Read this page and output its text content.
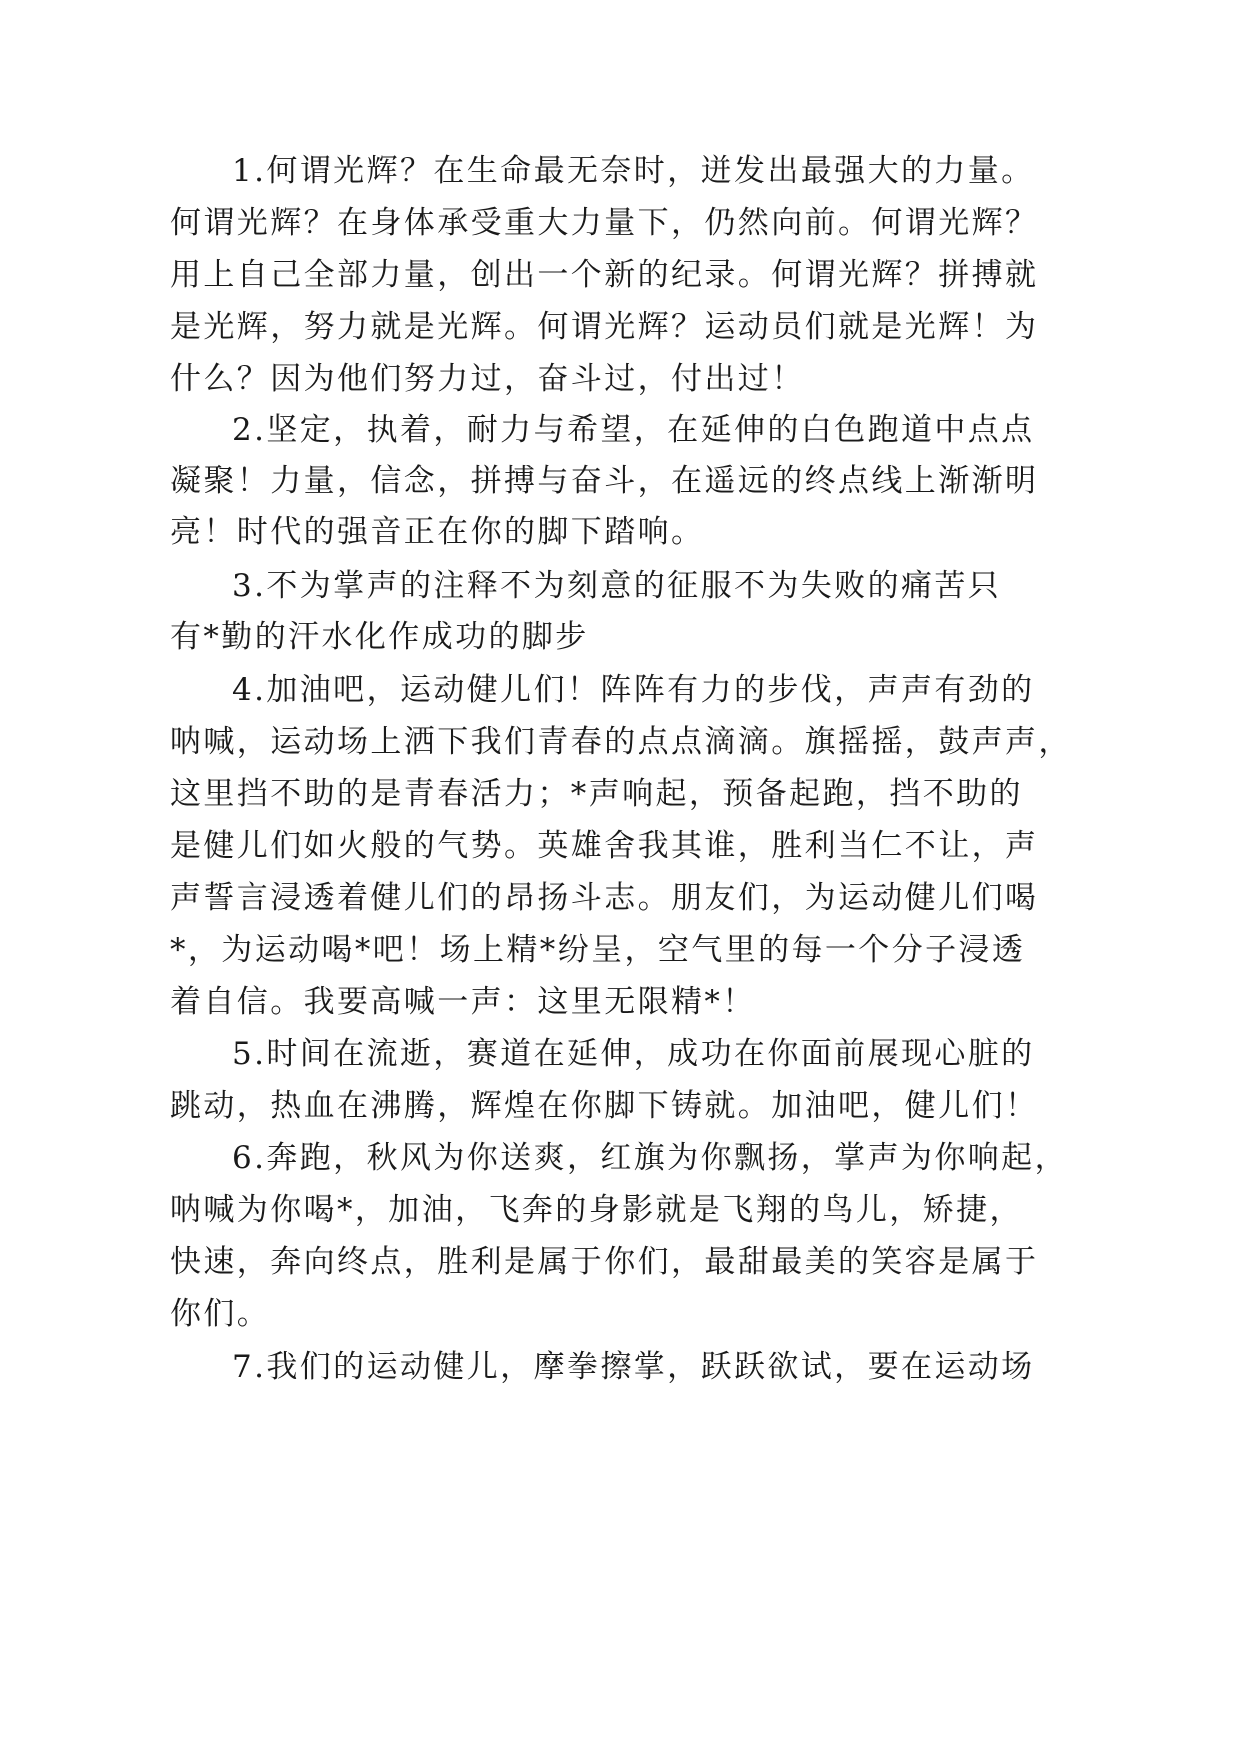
1.何谓光辉？在生命最无奈时，迸发出最强大的力量。

何谓光辉？在身体承受重大力量下，仍然向前。何谓光辉？

用上自己全部力量，创出一个新的纪录。何谓光辉？拼搏就

是光辉，努力就是光辉。何谓光辉？运动员们就是光辉！为

什么？因为他们努力过，奋斗过，付出过！

2.坚定，执着，耐力与希望，在延伸的白色跑道中点点

凝聚！力量，信念，拼搏与奋斗，在遥远的终点线上渐渐明

亮！时代的强音正在你的脚下踏响。

3.不为掌声的注释不为刻意的征服不为失败的痛苦只

有*勤的汗水化作成功的脚步

4.加油吧，运动健儿们！阵阵有力的步伐，声声有劲的

呐喊，运动场上洒下我们青春的点点滴滴。旗摇摇，鼓声声，

这里挡不助的是青春活力；*声响起，预备起跑，挡不助的

是健儿们如火般的气势。英雄舍我其谁，胜利当仁不让，声

声誓言浸透着健儿们的昂扬斗志。朋友们，为运动健儿们喝

*，为运动喝*吧！场上精*纷呈，空气里的每一个分子浸透

着自信。我要高喊一声：这里无限精*！

5.时间在流逝，赛道在延伸，成功在你面前展现心脏的

跳动，热血在沸腾，辉煌在你脚下铸就。加油吧，健儿们！

6.奔跑，秋风为你送爽，红旗为你飘扬，掌声为你响起，

呐喊为你喝*，加油，飞奔的身影就是飞翔的鸟儿，矫捷，

快速，奔向终点，胜利是属于你们，最甜最美的笑容是属于

你们。

7.我们的运动健儿，摩拳擦掌，跃跃欲试，要在运动场
